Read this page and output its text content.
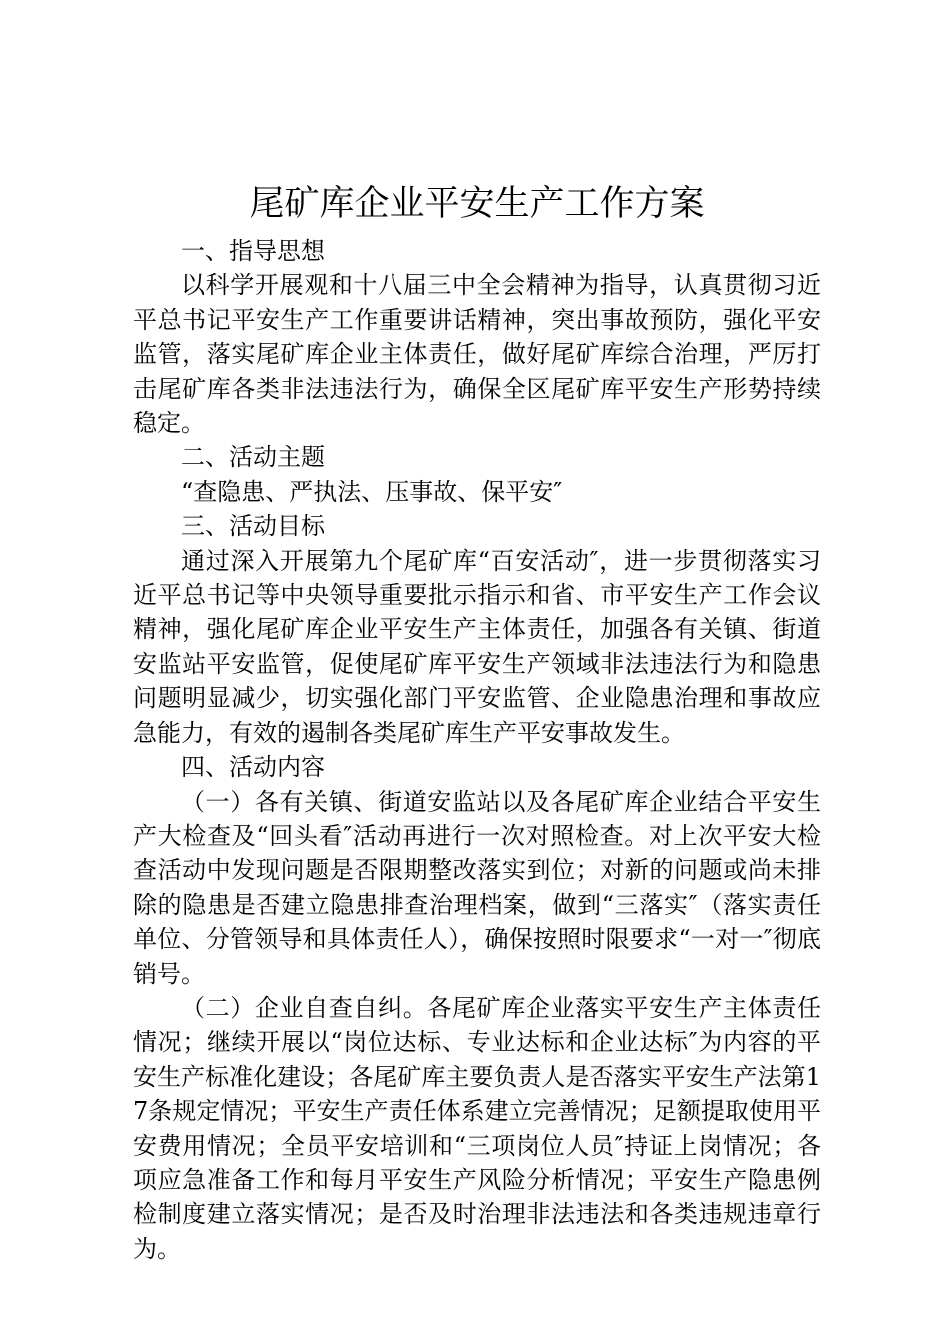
尾矿库企业平安生产工作方案
一、指导思想

以科学开展观和十八届三中全会精神为指导，认真贯彻习近平总书记平安生产工作重要讲话精神，突出事故预防，强化平安监管，落实尾矿库企业主体责任，做好尾矿库综合治理，严厉打击尾矿库各类非法违法行为，确保全区尾矿库平安生产形势持续稳定。

二、活动主题

“查隐患、严执法、压事故、保平安″

三、活动目标

通过深入开展第九个尾矿库“百安活动″，进一步贯彻落实习近平总书记等中央领导重要批示指示和省、市平安生产工作会议精神，强化尾矿库企业平安生产主体责任，加强各有关镇、街道安监站平安监管，促使尾矿库平安生产领域非法违法行为和隐患问题明显减少，切实强化部门平安监管、企业隐患治理和事故应急能力，有效的遏制各类尾矿库生产平安事故发生。

四、活动内容

（一）各有关镇、街道安监站以及各尾矿库企业结合平安生产大检查及“回头看″活动再进行一次对照检查。对上次平安大检查活动中发现问题是否限期整改落实到位；对新的问题或尚未排除的隐患是否建立隐患排查治理档案，做到“三落实″（落实责任单位、分管领导和具体责任人），确保按照时限要求“一对一″彻底销号。

（二）企业自查自纠。各尾矿库企业落实平安生产主体责任情况；继续开展以“岗位达标、专业达标和企业达标″为内容的平安生产标准化建设；各尾矿库主要负责人是否落实平安生产法第17条规定情况；平安生产责任体系建立完善情况；足额提取使用平安费用情况；全员平安培训和“三项岗位人员″持证上岗情况；各项应急准备工作和每月平安生产风险分析情况；平安生产隐患例检制度建立落实情况；是否及时治理非法违法和各类违规违章行为。
